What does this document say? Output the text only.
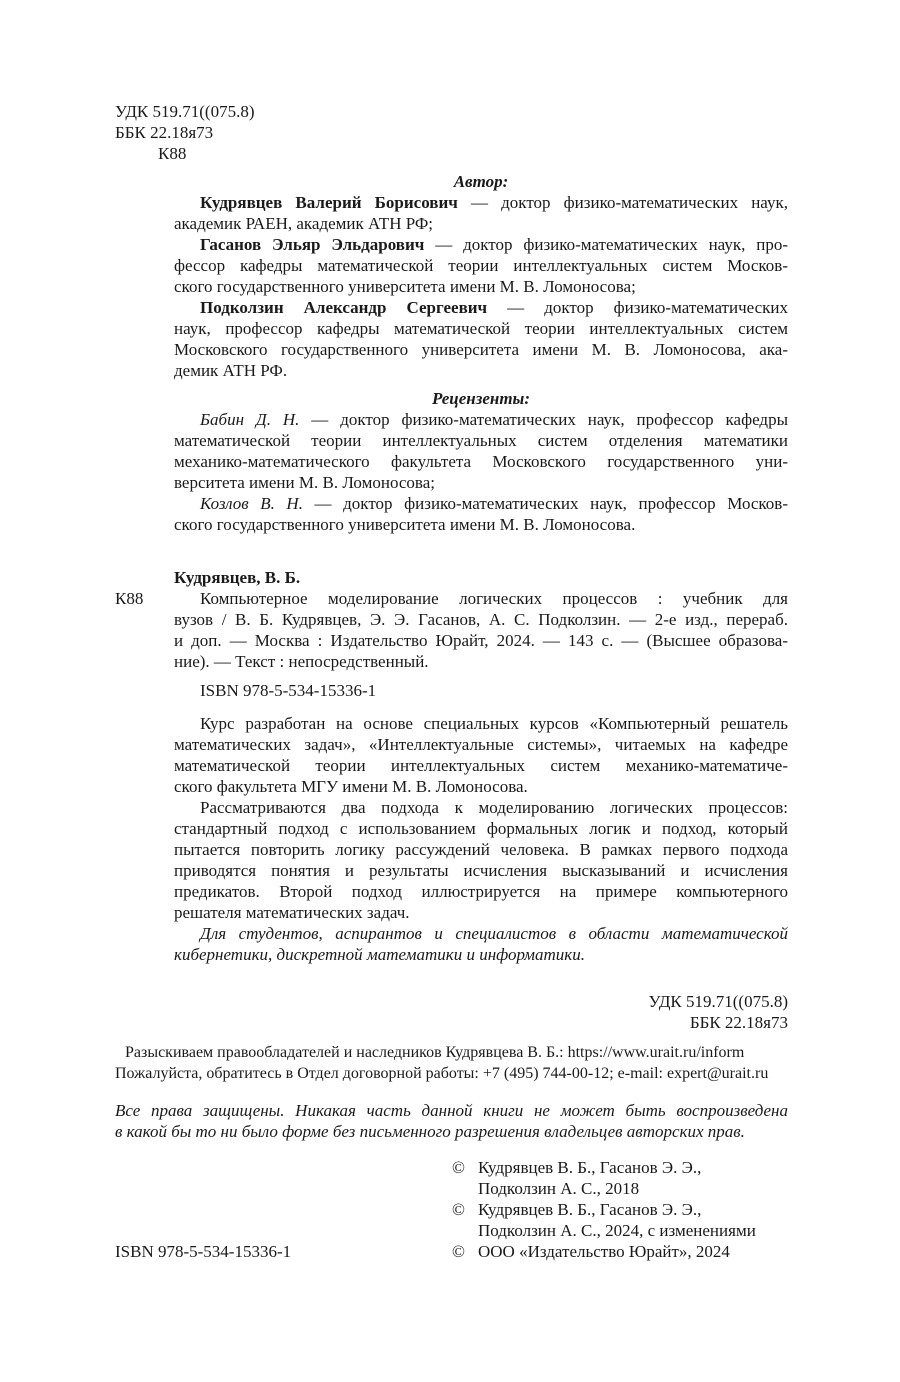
УДК 519.71((075.8)
ББК 22.18я73
К88
Автор:
Кудрявцев Валерий Борисович — доктор физико-математических наук,
академик РАЕН, академик АТН РФ;
Гасанов Эльяр Эльдарович — доктор физико-математических наук, про-
фессор кафедры математической теории интеллектуальных систем Москов-
ского государственного университета имени М. В. Ломоносова;
Подколзин Александр Сергеевич — доктор физико-математических
наук, профессор кафедры математической теории интеллектуальных систем
Московского государственного университета имени М. В. Ломоносова, ака-
демик АТН РФ.
Рецензенты:
Бабин Д. Н. — доктор физико-математических наук, профессор кафедры
математической теории интеллектуальных систем отделения математики
механико-математического факультета Московского государственного уни-
верситета имени М. В. Ломоносова;
Козлов В. Н. — доктор физико-математических наук, профессор Москов-
ского государственного университета имени М. В. Ломоносова.
Кудрявцев, В. Б.
К88	Компьютерное моделирование логических процессов : учебник для
вузов / В. Б. Кудрявцев, Э. Э. Гасанов, А. С. Подколзин. — 2-е изд., перераб.
и доп. — Москва : Издательство Юрайт, 2024. — 143 с. — (Высшее образова-
ние). — Текст : непосредственный.
ISBN 978-5-534-15336-1
Курс разработан на основе специальных курсов «Компьютерный решатель
математических задач», «Интеллектуальные системы», читаемых на кафедре
математической теории интеллектуальных систем механико-математиче-
ского факультета МГУ имени М. В. Ломоносова.
Рассматриваются два подхода к моделированию логических процессов:
стандартный подход с использованием формальных логик и подход, который
пытается повторить логику рассуждений человека. В рамках первого подхода
приводятся понятия и результаты исчисления высказываний и исчисления
предикатов. Второй подход иллюстрируется на примере компьютерного
решателя математических задач.
Для студентов, аспирантов и специалистов в области математической
кибернетики, дискретной математики и информатики.
УДК 519.71((075.8)
ББК 22.18я73
Разыскиваем правообладателей и наследников Кудрявцева В. Б.: https://www.urait.ru/inform
Пожалуйста, обратитесь в Отдел договорной работы: +7 (495) 744-00-12; e-mail: expert@urait.ru
Все права защищены. Никакая часть данной книги не может быть воспроизведена
в какой бы то ни было форме без письменного разрешения владельцев авторских прав.
© Кудрявцев В. Б., Гасанов Э. Э.,
Подколзин А. С., 2018
© Кудрявцев В. Б., Гасанов Э. Э.,
Подколзин А. С., 2024, с изменениями
ISBN 978-5-534-15336-1	© ООО «Издательство Юрайт», 2024
